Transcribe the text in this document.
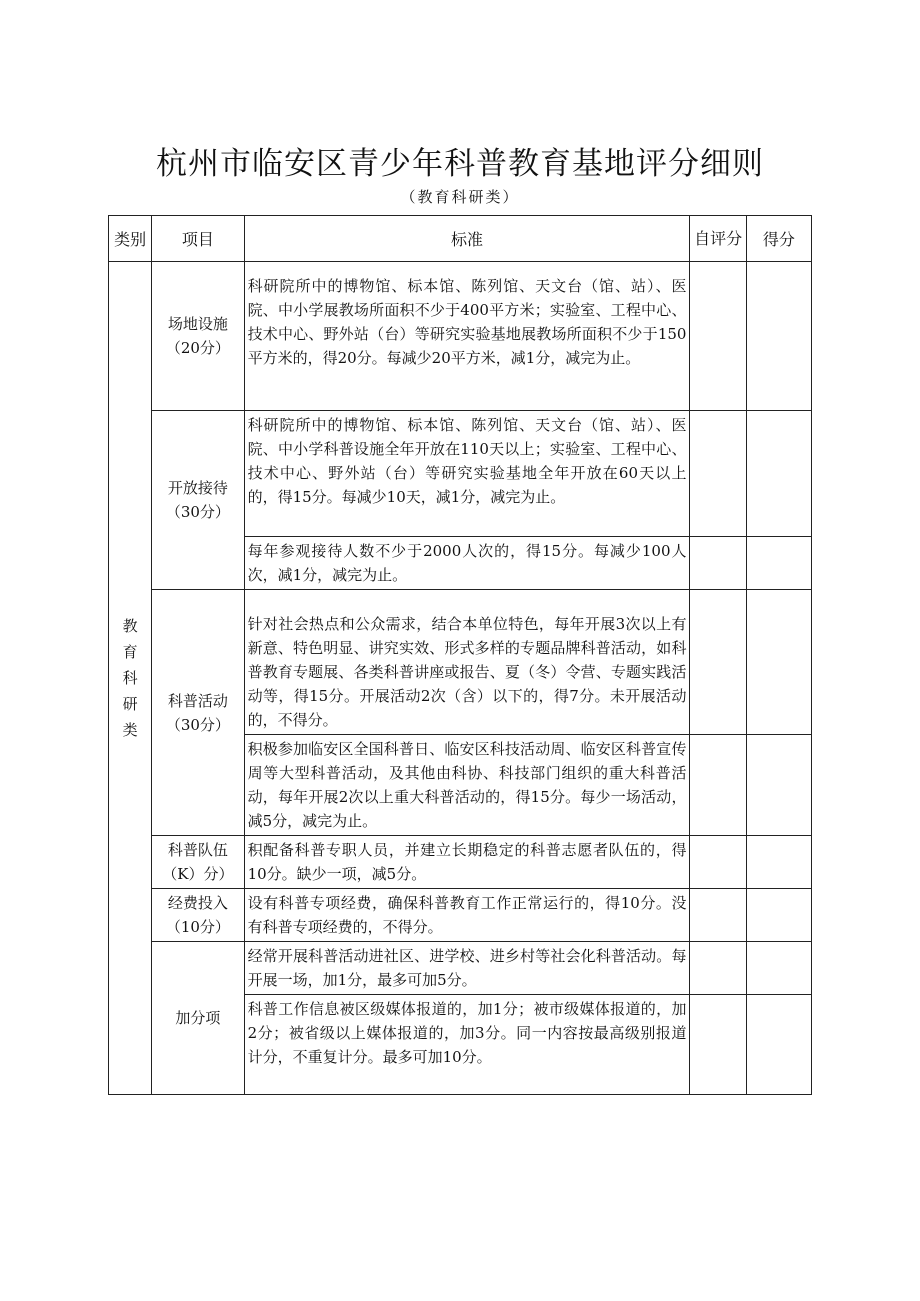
杭州市临安区青少年科普教育基地评分细则
（教育科研类）
类别	项目	标准	自评分	得分

教育科研类	场地设施（20分）	科研院所中的博物馆、标本馆、陈列馆、天文台（馆、站）、医院、中小学展教场所面积不少于400平方米；实验室、工程中心、技术中心、野外站（台）等研究实验基地展教场所面积不少于150平方米的，得20分。每减少20平方米，减1分，减完为止。		

	开放接待（30分）	科研院所中的博物馆、标本馆、陈列馆、天文台（馆、站）、医院、中小学科普设施全年开放在110天以上；实验室、工程中心、技术中心、野外站（台）等研究实验基地全年开放在60天以上的，得15分。每减少10天，减1分，减完为止。		
		每年参观接待人数不少于2000人次的，得15分。每减少100人次，减1分，减完为止。		
	科普活动（30分）	针对社会热点和公众需求，结合本单位特色，每年开展3次以上有新意、特色明显、讲究实效、形式多样的专题品牌科普活动，如科普教育专题展、各类科普讲座或报告、夏（冬）令营、专题实践活动等，得15分。开展活动2次（含）以下的，得7分。未开展活动的，不得分。		

		积极参加临安区全国科普日、临安区科技活动周、临安区科普宣传周等大型科普活动，及其他由科协、科技部门组织的重大科普活动，每年开展2次以上重大科普活动的，得15分。每少一场活动，减5分，减完为止。		
	科普队伍（K）分）	积配备科普专职人员，并建立长期稳定的科普志愿者队伍的，得10分。缺少一项，减5分。		
	经费投入（10分）	设有科普专项经费，确保科普教育工作正常运行的，得10分。没有科普专项经费的，不得分。		
	加分项	经常开展科普活动进社区、进学校、进乡村等社会化科普活动。每开展一场，加1分，最多可加5分。		
		科普工作信息被区级媒体报道的，加1分；被市级媒体报道的，加2分；被省级以上媒体报道的，加3分。同一内容按最高级别报道计分，不重复计分。最多可加10分。		
